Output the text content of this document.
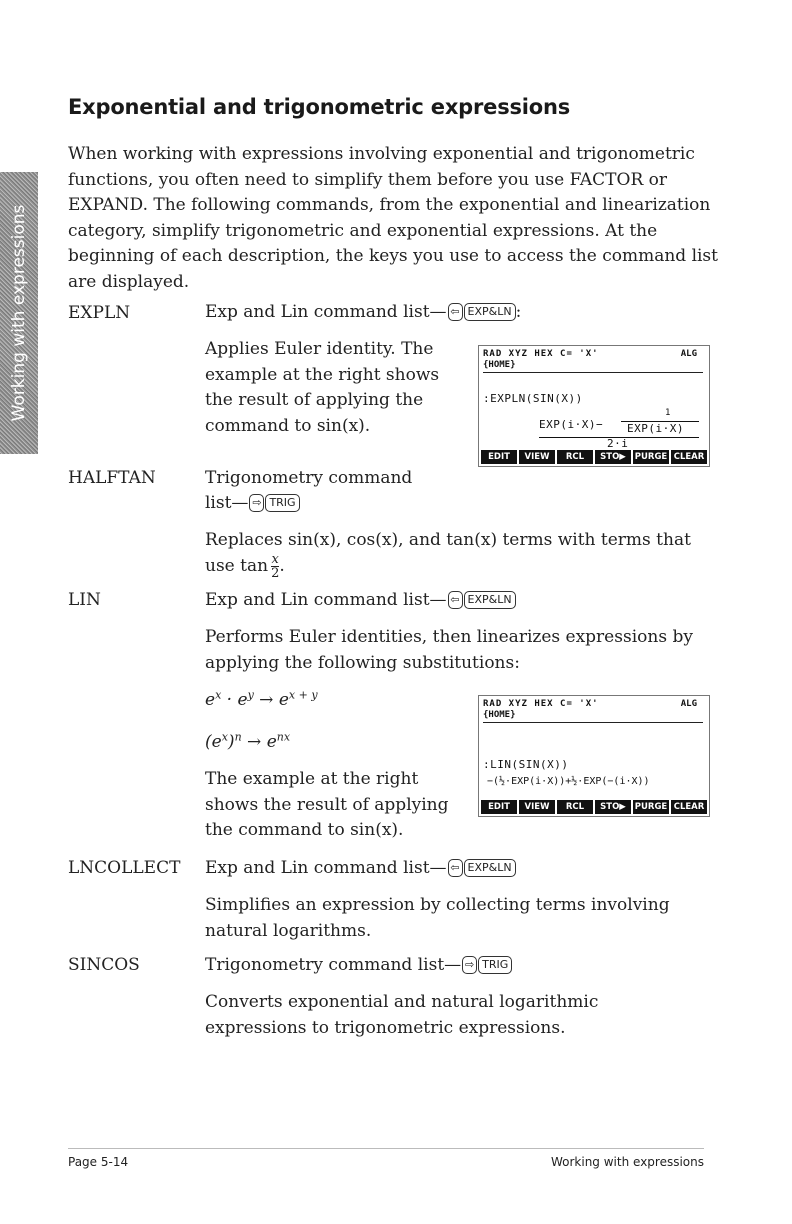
Working with expressions
Exponential and trigonometric expressions

When working with expressions involving exponential and trigonometric functions, you often need to simplify them before you use FACTOR or EXPAND. The following commands, from the exponential and linearization category, simplify trigonometric and exponential expressions. At the beginning of each description, the keys you use to access the command list are displayed.

EXPLN	Exp and Lin command list— ⇦ EXP&LN :

Applies Euler identity. The example at the right shows the result of applying the command to sin(x).

RAD XYZ HEX C= 'X'	ALG
{HOME}
:EXPLN(SIN(X))
EXP(i·X)−
1
EXP(i·X)
2·i
EDIT	VIEW	RCL	STO▶	PURGE CLEAR
HALFTAN	Trigonometry command
list— ⇨ TRIG
Replaces sin(x), cos(x), and tan(x) terms with terms that
use $\tan \frac{x}{2}$ .
LIN	Exp and Lin command list— ⇦ EXP&LN

Performs Euler identities, then linearizes expressions by applying the following substitutions:

$e^x \cdot e^y \to e^{x + y}$
$(e^x)^n \to e^{nx}$

The example at the right shows the result of applying the command to sin(x).

RAD XYZ HEX C= 'X'	ALG
{HOME}
:LIN(SIN(X))
−(½·EXP(i·X))+½·EXP(−(i·X))
EDIT	VIEW	RCL	STO▶	PURGE CLEAR
LNCOLLECT Exp and Lin command list— ⇦ EXP&LN

Simplifies an expression by collecting terms involving natural logarithms.

SINCOS	Trigonometry command list— ⇨ TRIG

Converts exponential and natural logarithmic expressions to trigonometric expressions.

Page 5-14	Working with expressions
